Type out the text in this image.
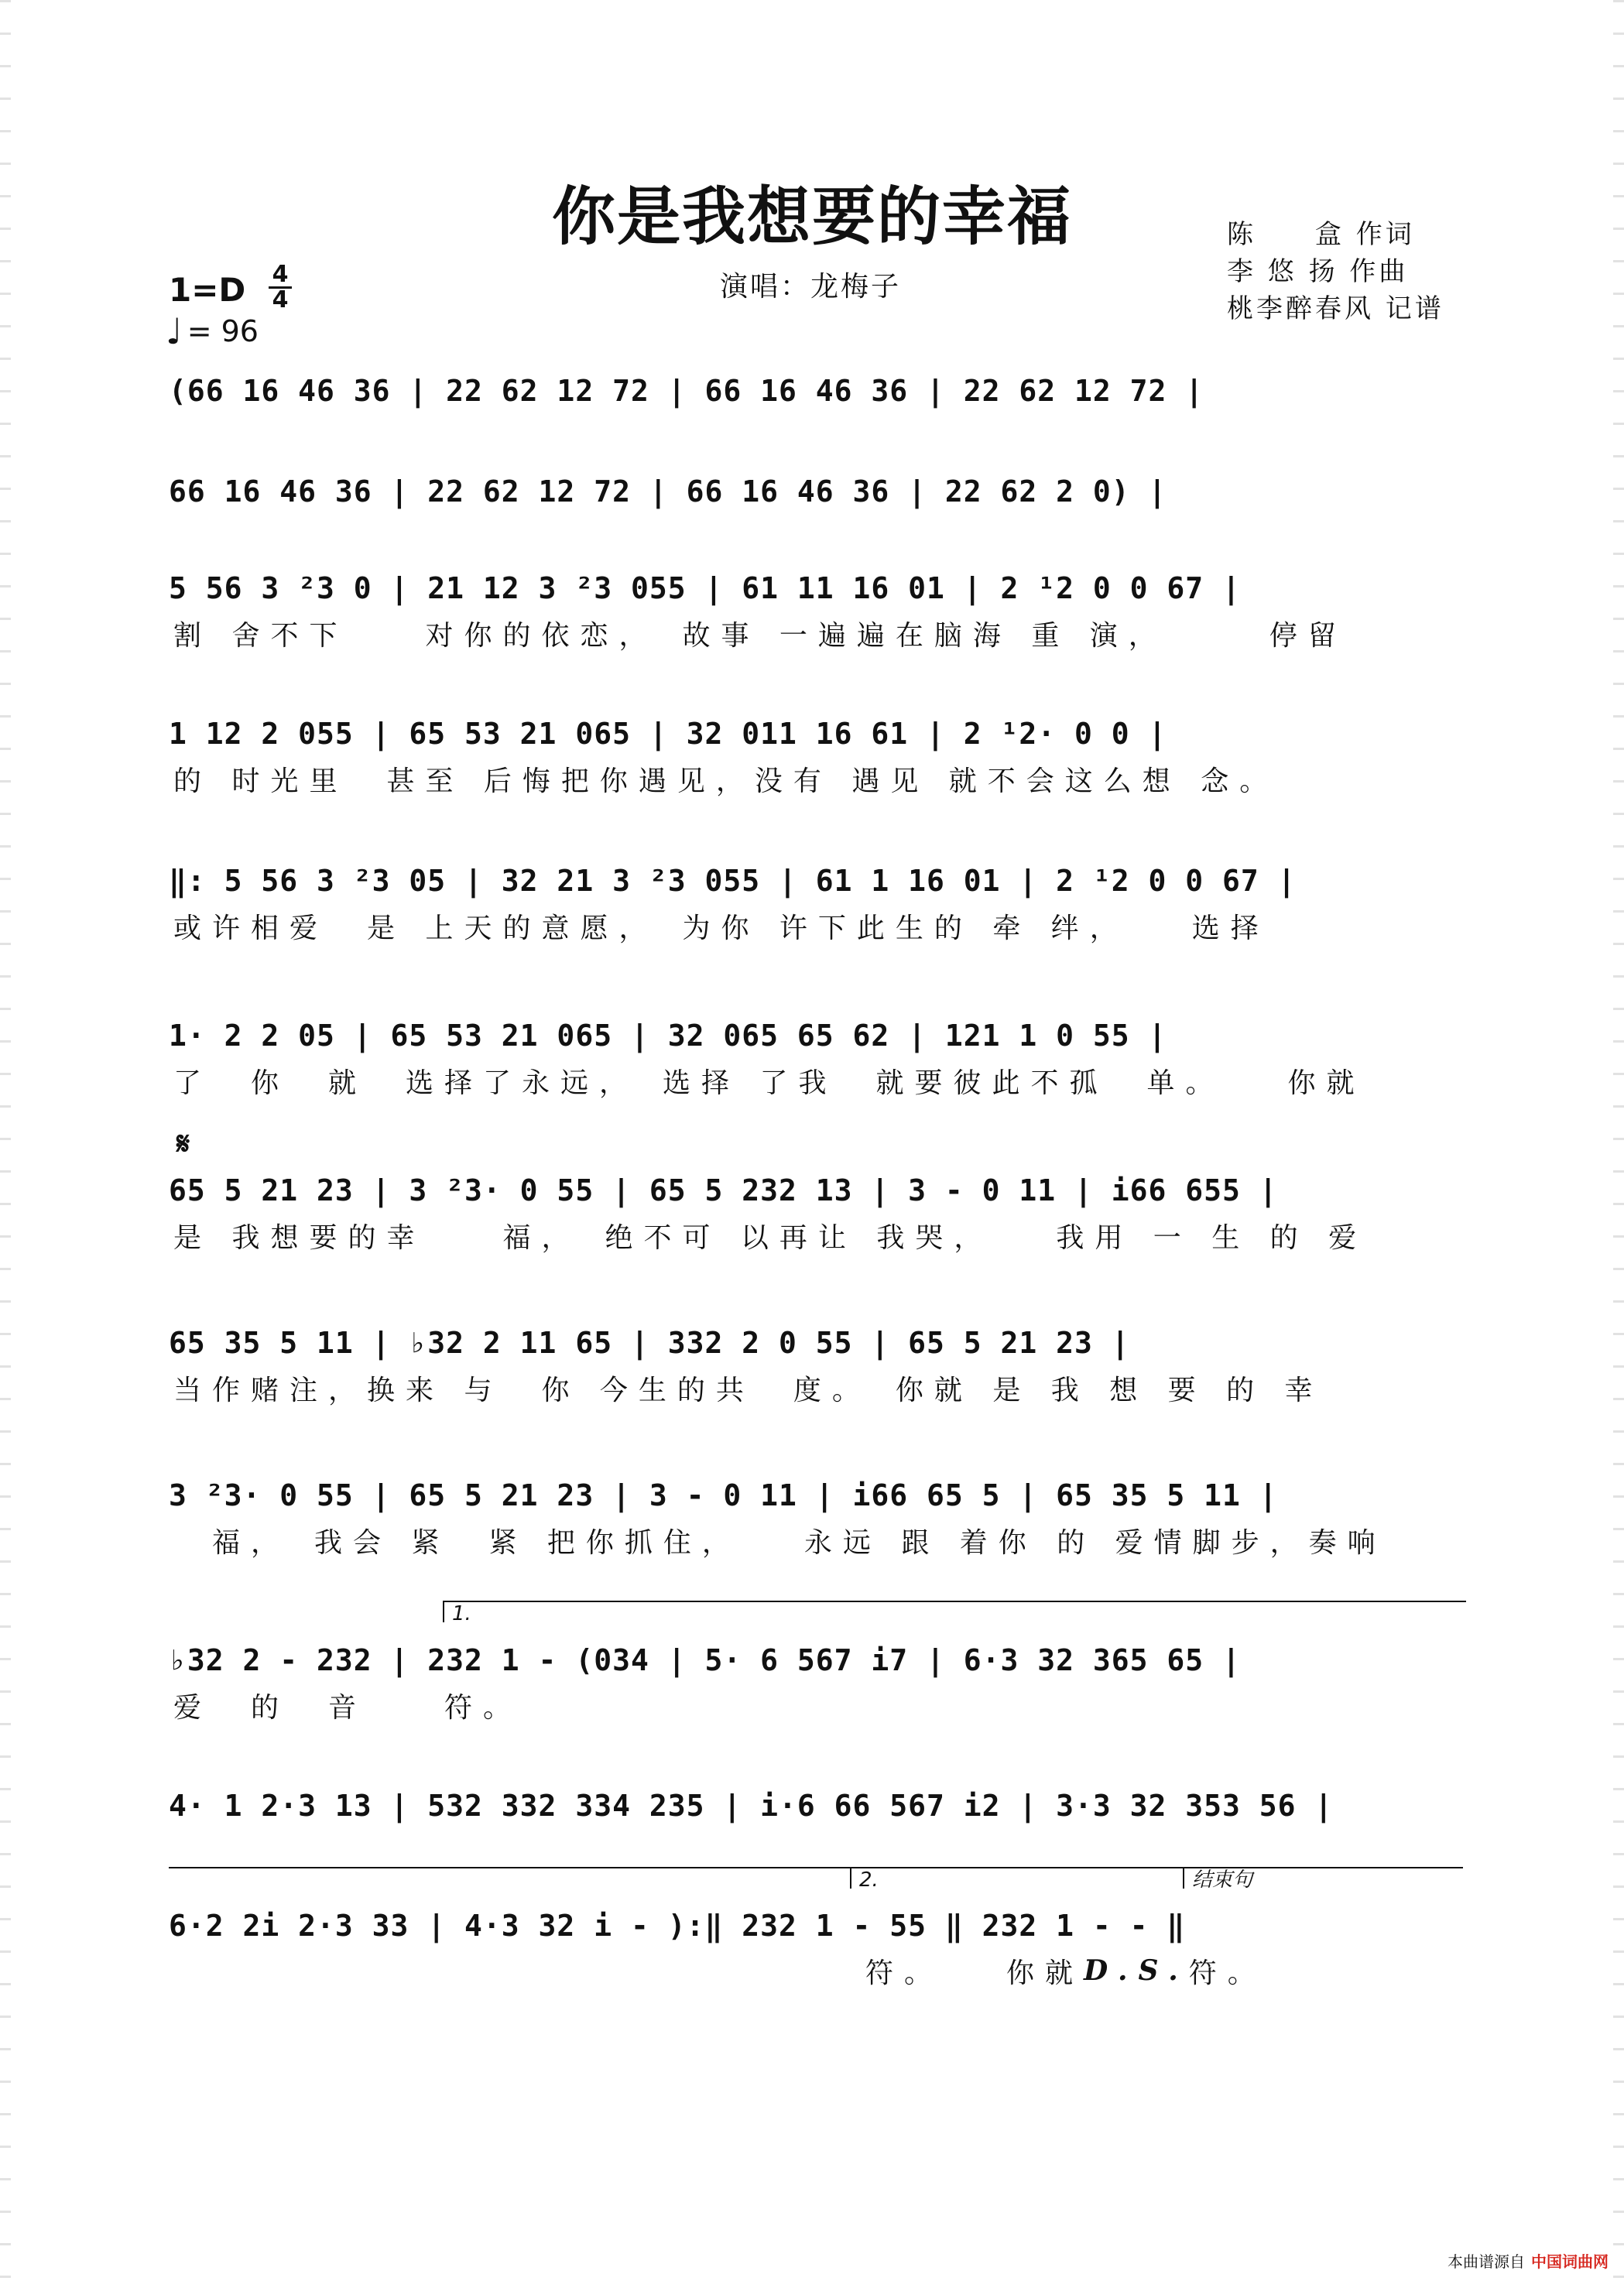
你是我想要的幸福
演唱：龙梅子
陈　　盒 作词
李 悠 扬 作曲
桃李醉春风 记谱
1=D 4
4
♩ = 96
(66 16 46 36 | 22 62 12 72 | 66 16 46 36 | 22 62 12 72 |
66 16 46 36 | 22 62 12 72 | 66 16 46 36 | 22 62 2 0) |
5 56 3 ²3 0 | 21 12 3 ²3 055 | 61 11 16 01 | 2 ¹2 0 0 67 |
割 舍不下　　对你的依恋，　故事 一遍遍在脑海 重 演，　　　停留
1 12 2 055 | 65 53 21 065 | 32 011 16 61 | 2 ¹2· 0 0 |
的 时光里　甚至 后悔把你遇见，没有 遇见 就不会这么想 念。
‖: 5 56 3 ²3 05 | 32 21 3 ²3 055 | 61 1 16 01 | 2 ¹2 0 0 67 |
或许相爱　是 上天的意愿，　为你 许下此生的 牵 绊，　　选择
1· 2 2 05 | 65 53 21 065 | 32 065 65 62 | 121 1 0 55 |
了　你　就　选择了永远，　选择 了我　就要彼此不孤　单。　　你就
𝄋
65 5 21 23 | 3 ²3· 0 55 | 65 5 232 13 | 3 - 0 11 | i66 655 |
是 我想要的幸　　福，　绝不可 以再让 我哭，　　我用 一 生 的 爱
65 35 5 11 | ♭32 2 11 65 | 332 2 0 55 | 65 5 21 23 |
当作赌注，换来 与　你 今生的共　度。　你就 是 我 想 要 的 幸
3 ²3· 0 55 | 65 5 21 23 | 3 - 0 11 | i66 65 5 | 65 35 5 11 |
　福，　我会 紧　紧 把你抓住，　　永远 跟 着你 的 爱情脚步，奏响
1.
♭32 2 - 232 | 232 1 - (034 | 5· 6 567 i7 | 6·3 32 365 65 |
爱　的　音　　符。
4· 1 2·3 13 | 532 332 334 235 | i·6 66 567 i2 | 3·3 32 353 56 |
2.	结束句
6·2 2i 2·3 33 | 4·3 32 i - ):‖ 232 1 - 55 ‖ 232 1 - - ‖
符。　　你就 D.S. 符。
本曲谱源自 中国词曲网
